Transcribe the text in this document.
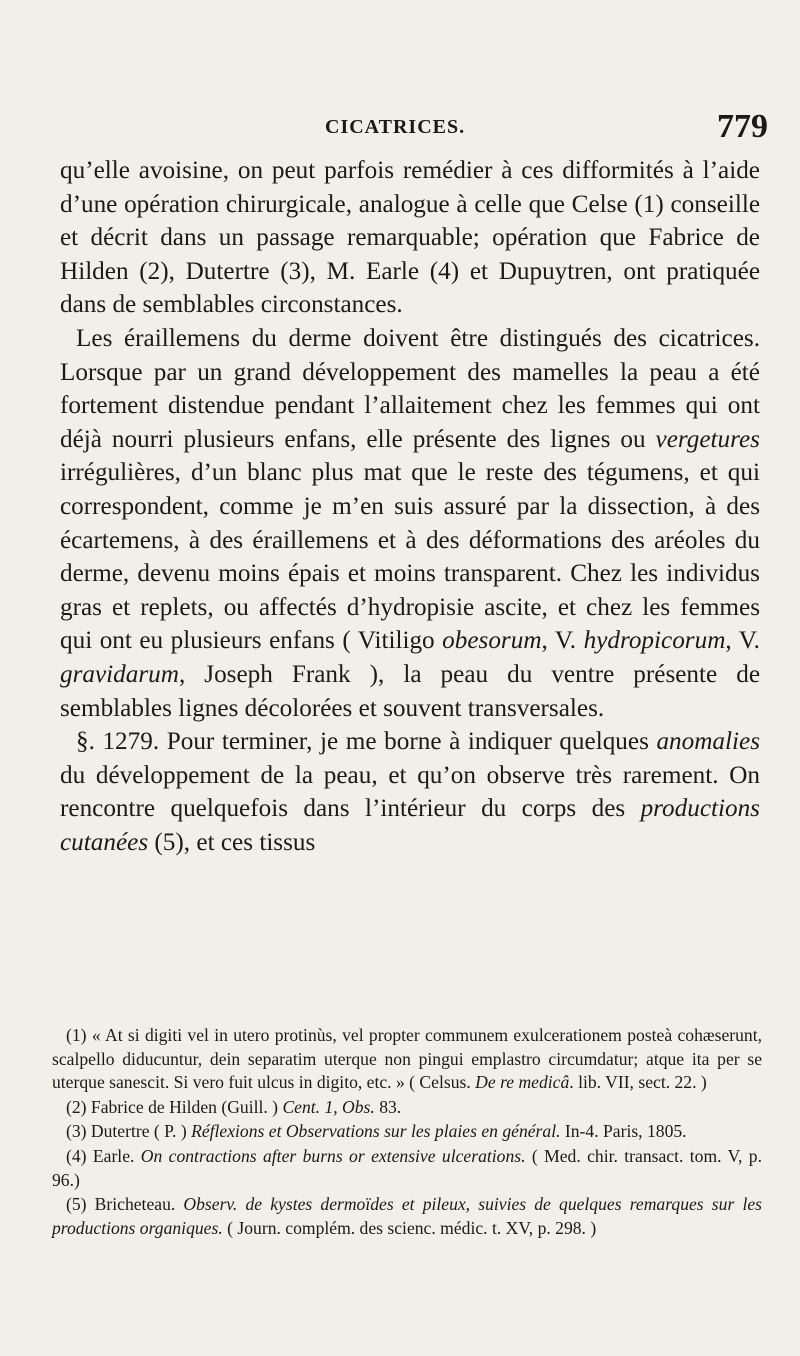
CICATRICES.	779

qu’elle avoisine, on peut parfois remédier à ces difformités à l’aide d’une opération chirurgicale, analogue à celle que Celse (1) conseille et décrit dans un passage remarquable; opération que Fabrice de Hilden (2), Dutertre (3), M. Earle (4) et Dupuytren, ont pratiquée dans de semblables circonstances.

Les éraillemens du derme doivent être distingués des cicatrices. Lorsque par un grand développement des mamelles la peau a été fortement distendue pendant l’allaitement chez les femmes qui ont déjà nourri plusieurs enfans, elle présente des lignes ou vergetures irrégulières, d’un blanc plus mat que le reste des tégumens, et qui correspondent, comme je m’en suis assuré par la dissection, à des écartemens, à des éraillemens et à des déformations des aréoles du derme, devenu moins épais et moins transparent. Chez les individus gras et replets, ou affectés d’hydropisie ascite, et chez les femmes qui ont eu plusieurs enfans ( Vitiligo obesorum, V. hydropicorum, V. gravidarum, Joseph Frank ), la peau du ventre présente de semblables lignes décolorées et souvent transversales.

§. 1279. Pour terminer, je me borne à indiquer quelques anomalies du développement de la peau, et qu’on observe très rarement. On rencontre quelquefois dans l’intérieur du corps des productions cutanées (5), et ces tissus

(1) « At si digiti vel in utero protinùs, vel propter communem exulcerationem posteà cohæserunt, scalpello diducuntur, dein separatim uterque non pingui emplastro circumdatur; atque ita per se uterque sanescit. Si vero fuit ulcus in digito, etc. » ( Celsus. De re medicâ. lib. VII, sect. 22. )

(2) Fabrice de Hilden (Guill. ) Cent. 1, Obs. 83.

(3) Dutertre ( P. ) Réflexions et Observations sur les plaies en général. In-4. Paris, 1805.

(4) Earle. On contractions after burns or extensive ulcerations. ( Med. chir. transact. tom. V, p. 96.)

(5) Bricheteau. Observ. de kystes dermoïdes et pileux, suivies de quelques remarques sur les productions organiques. ( Journ. complém. des scienc. médic. t. XV, p. 298. )
